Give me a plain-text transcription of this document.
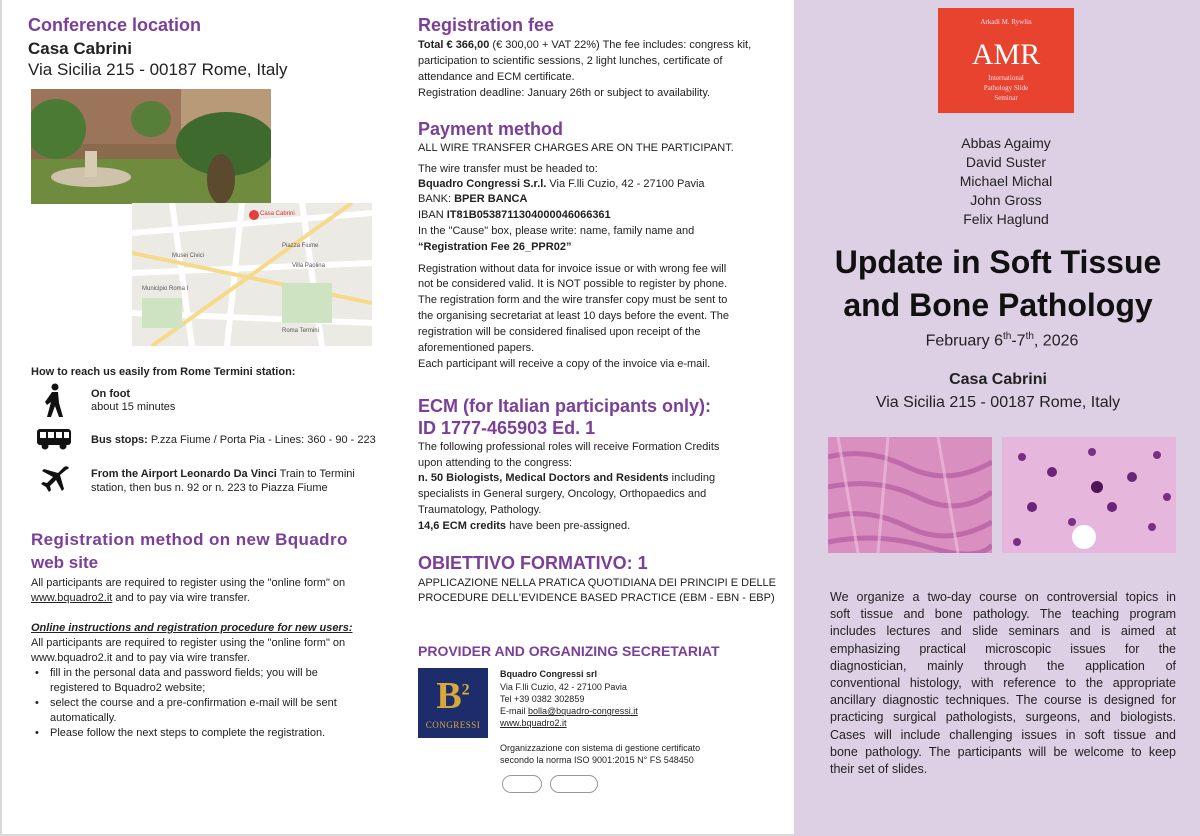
Conference location
Casa Cabrini
Via Sicilia 215 - 00187 Rome, Italy
Casa Cabrini
Musei Civici
Piazza Fiume
Villa Paolina
Municipio Roma I
Roma Termini
How to reach us easily from Rome Termini station:
On foot
about 15 minutes
Bus stops: P.zza Fiume / Porta Pia - Lines: 360 - 90 - 223
From the Airport Leonardo Da Vinci Train to Termini
station, then bus n. 92 or n. 223 to Piazza Fiume
Registration method on new Bquadro
web site
All participants are required to register using the "online form" on
www.bquadro2.it and to pay via wire transfer.
Online instructions and registration procedure for new users:
All participants are required to register using the "online form" on
www.bquadro2.it and to pay via wire transfer.
• fill in the personal data and password fields; you will be
registered to Bquadro2 website;
• select the course and a pre-confirmation e-mail will be sent
automatically.
• Please follow the next steps to complete the registration.
Registration fee
Total € 366,00 (€ 300,00 + VAT 22%) The fee includes: congress kit,
participation to scientific sessions, 2 light lunches, certificate of
attendance and ECM certificate.
Registration deadline: January 26th or subject to availability.
Payment method
ALL WIRE TRANSFER CHARGES ARE ON THE PARTICIPANT.
The wire transfer must be headed to:
Bquadro Congressi S.r.l. Via F.lli Cuzio, 42 - 27100 Pavia
BANK: BPER BANCA
IBAN IT81B0538711304000046066361
In the "Cause" box, please write: name, family name and
“Registration Fee 26_PPR02”
Registration without data for invoice issue or with wrong fee will
not be considered valid. It is NOT possible to register by phone.
The registration form and the wire transfer copy must be sent to
the organising secretariat at least 10 days before the event. The
registration will be considered finalised upon receipt of the
aforementioned papers.
Each participant will receive a copy of the invoice via e-mail.
ECM (for Italian participants only):
ID 1777-465903 Ed. 1
The following professional roles will receive Formation Credits
upon attending to the congress:
n. 50 Biologists, Medical Doctors and Residents including
specialists in General surgery, Oncology, Orthopaedics and
Traumatology, Pathology.
14,6 ECM credits have been pre-assigned.
OBIETTIVO FORMATIVO: 1
APPLICAZIONE NELLA PRATICA QUOTIDIANA DEI PRINCIPI E DELLE
PROCEDURE DELL'EVIDENCE BASED PRACTICE (EBM - EBN - EBP)
PROVIDER AND ORGANIZING SECRETARIAT
$B^2$
CONGRESSI
Bquadro Congressi srl
Via F.lli Cuzio, 42 - 27100 Pavia
Tel +39 0382 302859
E-mail bolla@bquadro-congressi.it
www.bquadro2.it
Organizzazione con sistema di gestione certificato
secondo la norma ISO 9001:2015 N° FS 548450
Arkadi M. Rywlin
AMR
International
Pathology Slide
Seminar
Abbas Agaimy
David Suster
Michael Michal
John Gross
Felix Haglund
Update in Soft Tissue
and Bone Pathology
February 6th-7th, 2026
Casa Cabrini
Via Sicilia 215 - 00187 Rome, Italy
We organize a two-day course on controversial topics in
soft tissue and bone pathology. The teaching program
includes lectures and slide seminars and is aimed at
emphasizing practical microscopic issues for the
diagnostician, mainly through the application of
conventional histology, with reference to the appropriate
ancillary diagnostic techniques. The course is designed for
practicing surgical pathologists, surgeons, and biologists.
Cases will include challenging issues in soft tissue and
bone pathology. The participants will be welcome to keep
their set of slides.
